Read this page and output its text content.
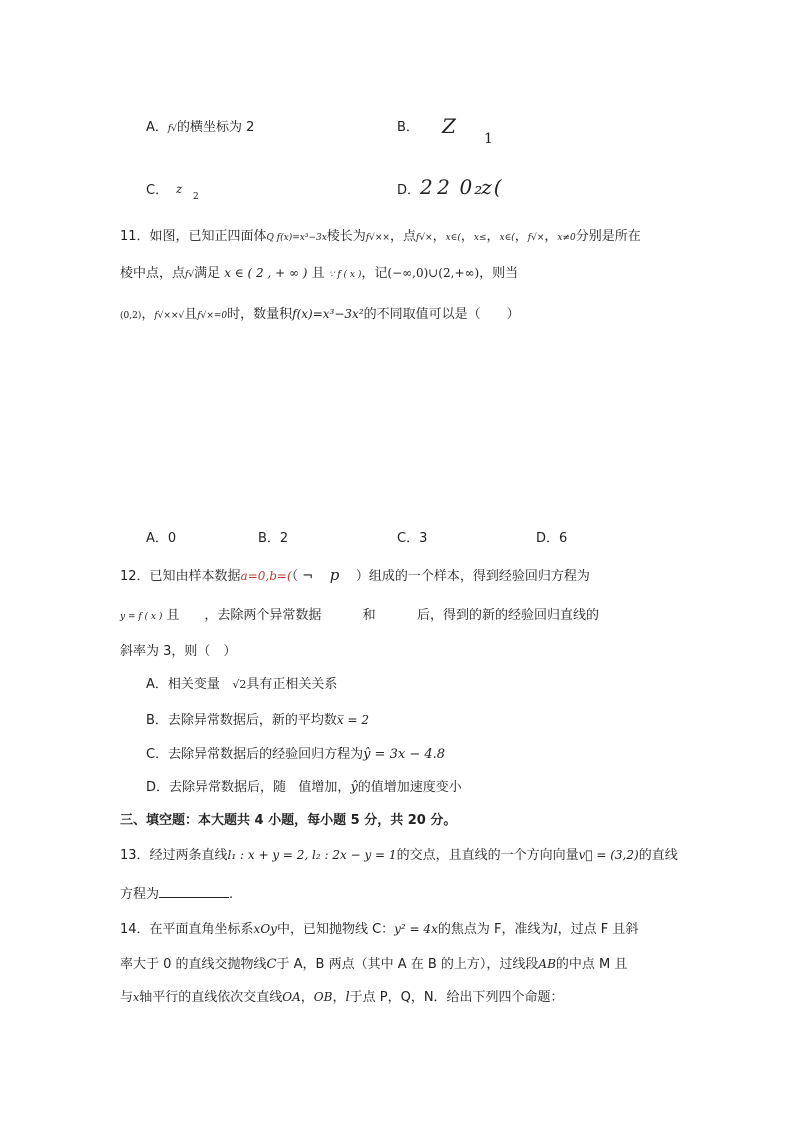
A．f√的横坐标为 2	B． Z
1
C． z
2	D． 2 2  0 ₂z (
11．如图，已知正四面体Q f(x)=x³−3x棱长为f√××，点f√×，x∈(，x≤，x∈(，f√×，x≠0分别是所在
棱中点，点f√满足 x ∈ ( 2 , + ∞ ) 且 ∵ f ( x )，记(−∞,0)∪(2,+∞)，则当
(0,2)，f√××√且f√×=0时，数量积f(x)=x³−3x²的不同取值可以是（　　）
A．0	B．2	C．3	D．6
12．已知由样本数据a=0,b=(（ ¬ p ）组成的一个样本，得到经验回归方程为
y = f ( x ) 且 ，去除两个异常数据	和	后，得到的新的经验回归直线的
斜率为 3，则（　）
A．相关变量 √2具有正相关关系
B．去除异常数据后，新的平均数x̅ = 2
C．去除异常数据后的经验回归方程为ŷ = 3x − 4.8
D．去除异常数据后，随 值增加，ŷ的值增加速度变小
三、填空题：本大题共 4 小题，每小题 5 分，共 20 分。
13．经过两条直线l₁ : x + y = 2, l₂ : 2x − y = 1的交点，且直线的一个方向向量v⃗ = (3,2)的直线
方程为	.
14．在平面直角坐标系xOy中，已知抛物线 C：y² = 4x的焦点为 F，准线为l，过点 F 且斜
率大于 0 的直线交抛物线C于 A，B 两点（其中 A 在 B 的上方），过线段AB的中点 M 且
与x轴平行的直线依次交直线OA，OB，l于点 P，Q，N．给出下列四个命题：
